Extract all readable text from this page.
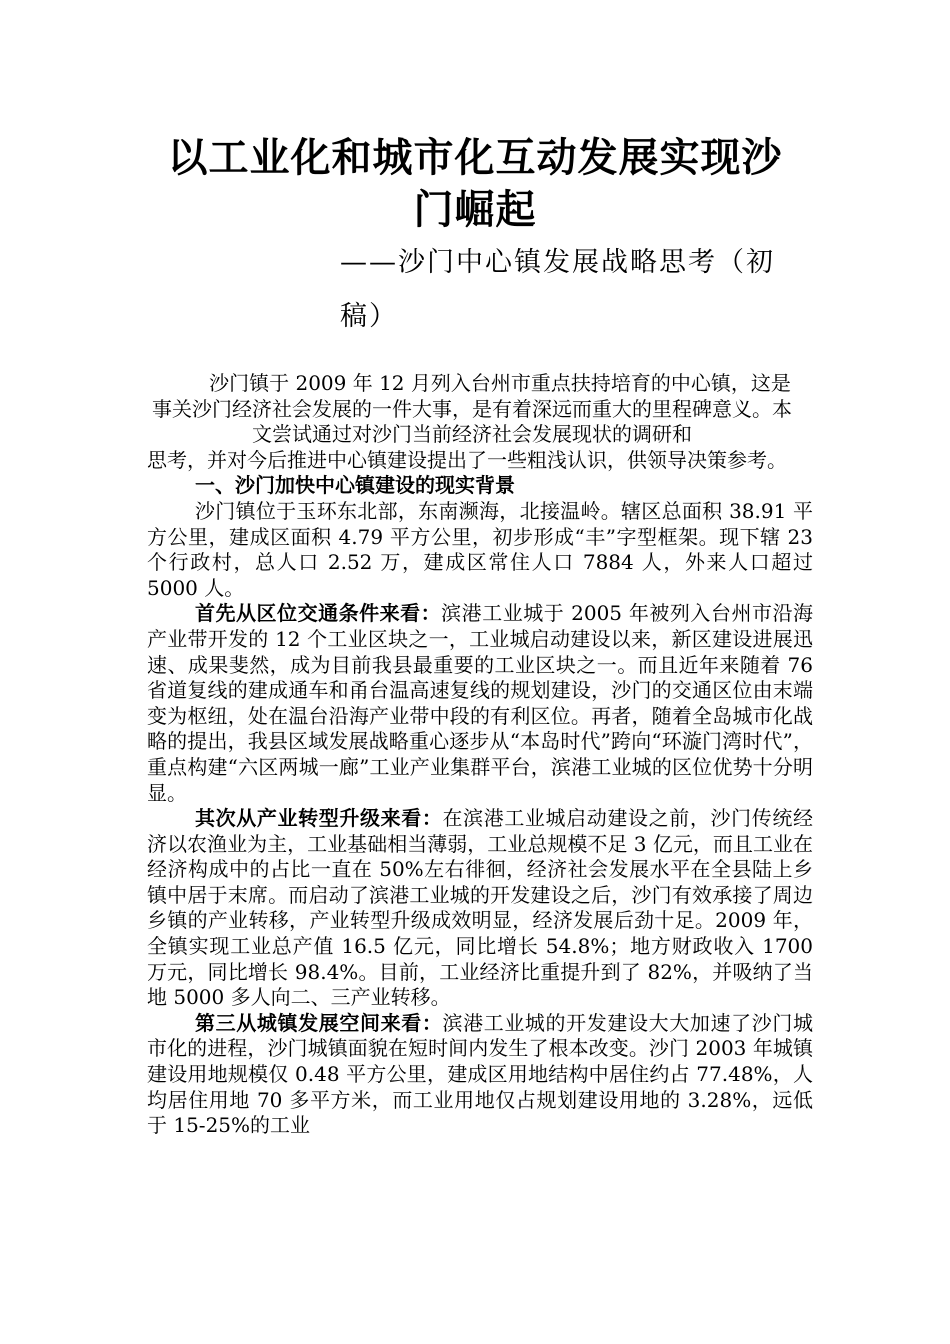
以工业化和城市化互动发展实现沙门崛起
——沙门中心镇发展战略思考（初稿）

沙门镇于 2009 年 12 月列入台州市重点扶持培育的中心镇，这是事关沙门经济社会发展的一件大事，是有着深远而重大的里程碑意义。本文尝试通过对沙门当前经济社会发展现状的调研和

思考，并对今后推进中心镇建设提出了一些粗浅认识，供领导决策参考。

一、沙门加快中心镇建设的现实背景

沙门镇位于玉环东北部，东南濒海，北接温岭。辖区总面积 38.91 平方公里，建成区面积 4.79 平方公里，初步形成“丰”字型框架。现下辖 23 个行政村，总人口 2.52 万，建成区常住人口 7884 人，外来人口超过 5000 人。

首先从区位交通条件来看：滨港工业城于 2005 年被列入台州市沿海产业带开发的 12 个工业区块之一，工业城启动建设以来，新区建设进展迅速、成果斐然，成为目前我县最重要的工业区块之一。而且近年来随着 76 省道复线的建成通车和甬台温高速复线的规划建设，沙门的交通区位由末端变为枢纽，处在温台沿海产业带中段的有利区位。再者，随着全岛城市化战略的提出，我县区域发展战略重心逐步从“本岛时代”跨向“环漩门湾时代”，重点构建“六区两城一廊”工业产业集群平台，滨港工业城的区位优势十分明显。

其次从产业转型升级来看：在滨港工业城启动建设之前，沙门传统经济以农渔业为主，工业基础相当薄弱，工业总规模不足 3 亿元，而且工业在经济构成中的占比一直在 50%左右徘徊，经济社会发展水平在全县陆上乡镇中居于末席。而启动了滨港工业城的开发建设之后，沙门有效承接了周边乡镇的产业转移，产业转型升级成效明显，经济发展后劲十足。2009 年，全镇实现工业总产值 16.5 亿元，同比增长 54.8%；地方财政收入 1700 万元，同比增长 98.4%。目前，工业经济比重提升到了 82%，并吸纳了当地 5000 多人向二、三产业转移。

第三从城镇发展空间来看：滨港工业城的开发建设大大加速了沙门城市化的进程，沙门城镇面貌在短时间内发生了根本改变。沙门 2003 年城镇建设用地规模仅 0.48 平方公里，建成区用地结构中居住约占 77.48%，人均居住用地 70 多平方米，而工业用地仅占规划建设用地的 3.28%，远低于 15-25%的工业
